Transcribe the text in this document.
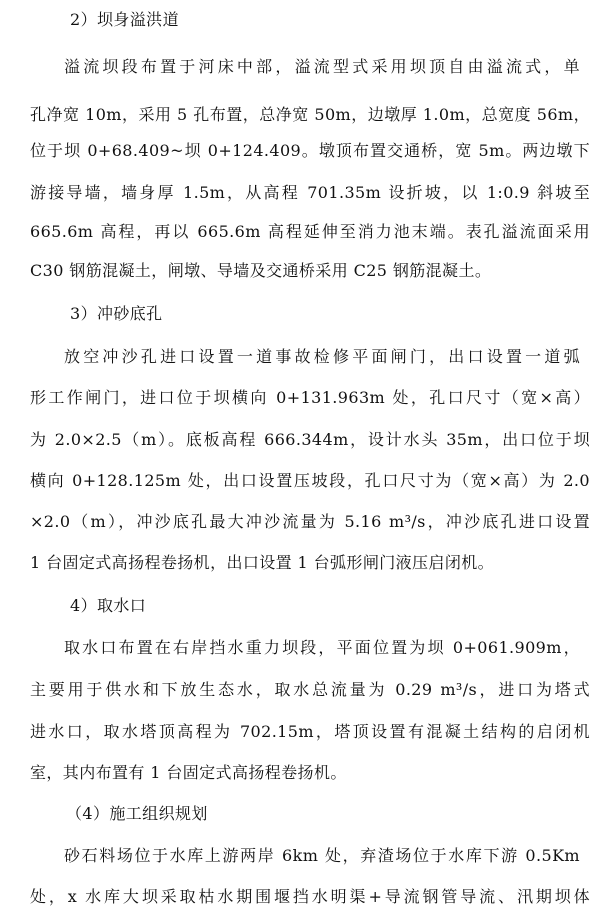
2）坝身溢洪道

溢流坝段布置于河床中部，溢流型式采用坝顶自由溢流式，单

孔净宽 10m，采用 5 孔布置，总净宽 50m，边墩厚 1.0m，总宽度 56m，

位于坝 0+68.409~坝 0+124.409。墩顶布置交通桥，宽 5m。两边墩下

游接导墙，墙身厚 1.5m，从高程 701.35m 设折坡，以 1:0.9 斜坡至

665.6m 高程，再以 665.6m 高程延伸至消力池末端。表孔溢流面采用

C30 钢筋混凝土，闸墩、导墙及交通桥采用 C25 钢筋混凝土。

3）冲砂底孔

放空冲沙孔进口设置一道事故检修平面闸门，出口设置一道弧

形工作闸门，进口位于坝横向 0+131.963m 处，孔口尺寸（宽×高）

为 2.0×2.5（m）。底板高程 666.344m，设计水头 35m，出口位于坝

横向 0+128.125m 处，出口设置压坡段，孔口尺寸为（宽×高）为 2.0

×2.0（m），冲沙底孔最大冲沙流量为 5.16 m³/s，冲沙底孔进口设置

1 台固定式高扬程卷扬机，出口设置 1 台弧形闸门液压启闭机。

4）取水口

取水口布置在右岸挡水重力坝段，平面位置为坝 0+061.909m，

主要用于供水和下放生态水，取水总流量为 0.29 m³/s，进口为塔式

进水口，取水塔顶高程为 702.15m，塔顶设置有混凝土结构的启闭机

室，其内布置有 1 台固定式高扬程卷扬机。

（4）施工组织规划

砂石料场位于水库上游两岸 6km 处，弃渣场位于水库下游 0.5Km

处，x 水库大坝采取枯水期围堰挡水明渠+导流钢管导流、汛期坝体
